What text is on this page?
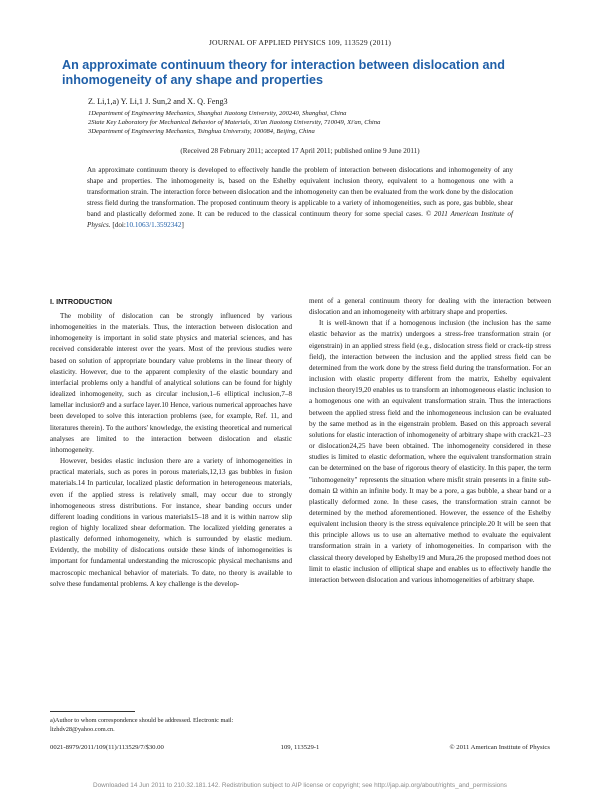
JOURNAL OF APPLIED PHYSICS 109, 113529 (2011)
An approximate continuum theory for interaction between dislocation and inhomogeneity of any shape and properties
Z. Li,1,a) Y. Li,1 J. Sun,2 and X. Q. Feng3
1Department of Engineering Mechanics, Shanghai Jiaotong University, 200240, Shanghai, China
2State Key Laboratory for Mechanical Behavior of Materials, Xi'an Jiaotong University, 710049, Xi'an, China
3Department of Engineering Mechanics, Tsinghua University, 100084, Beijing, China
(Received 28 February 2011; accepted 17 April 2011; published online 9 June 2011)
An approximate continuum theory is developed to effectively handle the problem of interaction between dislocations and inhomogeneity of any shape and properties. The inhomogeneity is, based on the Eshelby equivalent inclusion theory, equivalent to a homogenous one with a transformation strain. The interaction force between dislocation and the inhomogeneity can then be evaluated from the work done by the dislocation stress field during the transformation. The proposed continuum theory is applicable to a variety of inhomogeneities, such as pore, gas bubble, shear band and plastically deformed zone. It can be reduced to the classical continuum theory for some special cases. © 2011 American Institute of Physics. [doi:10.1063/1.3592342]
I. INTRODUCTION

The mobility of dislocation can be strongly influenced by various inhomogeneities in the materials. Thus, the interaction between dislocation and inhomogeneity is important in solid state physics and material sciences, and has received considerable interest over the years. Most of the previous studies were based on solution of appropriate boundary value problems in the linear theory of elasticity. However, due to the apparent complexity of the elastic boundary and interfacial problems only a handful of analytical solutions can be found for highly idealized inhomogeneity, such as circular inclusion,1–6 elliptical inclusion,7–8 lamellar inclusion9 and a surface layer.10 Hence, various numerical approaches have been developed to solve this interaction problems (see, for example, Ref. 11, and literatures therein). To the authors' knowledge, the existing theoretical and numerical analyses are limited to the interaction between dislocation and elastic inhomogeneity.

However, besides elastic inclusion there are a variety of inhomogeneities in practical materials, such as pores in porous materials,12,13 gas bubbles in fusion materials.14 In particular, localized plastic deformation in heterogeneous materials, even if the applied stress is relatively small, may occur due to strongly inhomogeneous stress distributions. For instance, shear banding occurs under different loading conditions in various materials15–18 and it is within narrow slip region of highly localized shear deformation. The localized yielding generates a plastically deformed inhomogeneity, which is surrounded by elastic medium. Evidently, the mobility of dislocations outside these kinds of inhomogeneities is important for fundamental understanding the microscopic physical mechanisms and macroscopic mechanical behavior of materials. To date, no theory is available to solve these fundamental problems. A key challenge is the develop-

ment of a general continuum theory for dealing with the interaction between dislocation and an inhomogeneity with arbitrary shape and properties.

It is well-known that if a homogenous inclusion (the inclusion has the same elastic behavior as the matrix) undergoes a stress-free transformation strain (or eigenstrain) in an applied stress field (e.g., dislocation stress field or crack-tip stress field), the interaction between the inclusion and the applied stress field can be determined from the work done by the stress field during the transformation. For an inclusion with elastic property different from the matrix, Eshelby equivalent inclusion theory19,20 enables us to transform an inhomogeneous elastic inclusion to a homogenous one with an equivalent transformation strain. Thus the interactions between the applied stress field and the inhomogeneous inclusion can be evaluated by the same method as in the eigenstrain problem. Based on this approach several solutions for elastic interaction of inhomogeneity of arbitrary shape with crack21–23 or dislocation24,25 have been obtained. The inhomogeneity considered in these studies is limited to elastic deformation, where the equivalent transformation strain can be determined on the base of rigorous theory of elasticity. In this paper, the term "inhomogeneity" represents the situation where misfit strain presents in a finite sub-domain Ω within an infinite body. It may be a pore, a gas bubble, a shear band or a plastically deformed zone. In these cases, the transformation strain cannot be determined by the method aforementioned. However, the essence of the Eshelby equivalent inclusion theory is the stress equivalence principle.20 It will be seen that this principle allows us to use an alternative method to evaluate the equivalent transformation strain in a variety of inhomogeneities. In comparison with the classical theory developed by Eshelby19 and Mura,26 the proposed method does not limit to elastic inclusion of elliptical shape and enables us to effectively handle the interaction between dislocation and various inhomogeneities of arbitrary shape.

a)Author to whom correspondence should be addressed. Electronic mail: lizhdv28@yahoo.com.cn.
0021-8979/2011/109(11)/113529/7/$30.00	109, 113529-1	© 2011 American Institute of Physics
Downloaded 14 Jun 2011 to 210.32.181.142. Redistribution subject to AIP license or copyright; see http://jap.aip.org/about/rights_and_permissions
